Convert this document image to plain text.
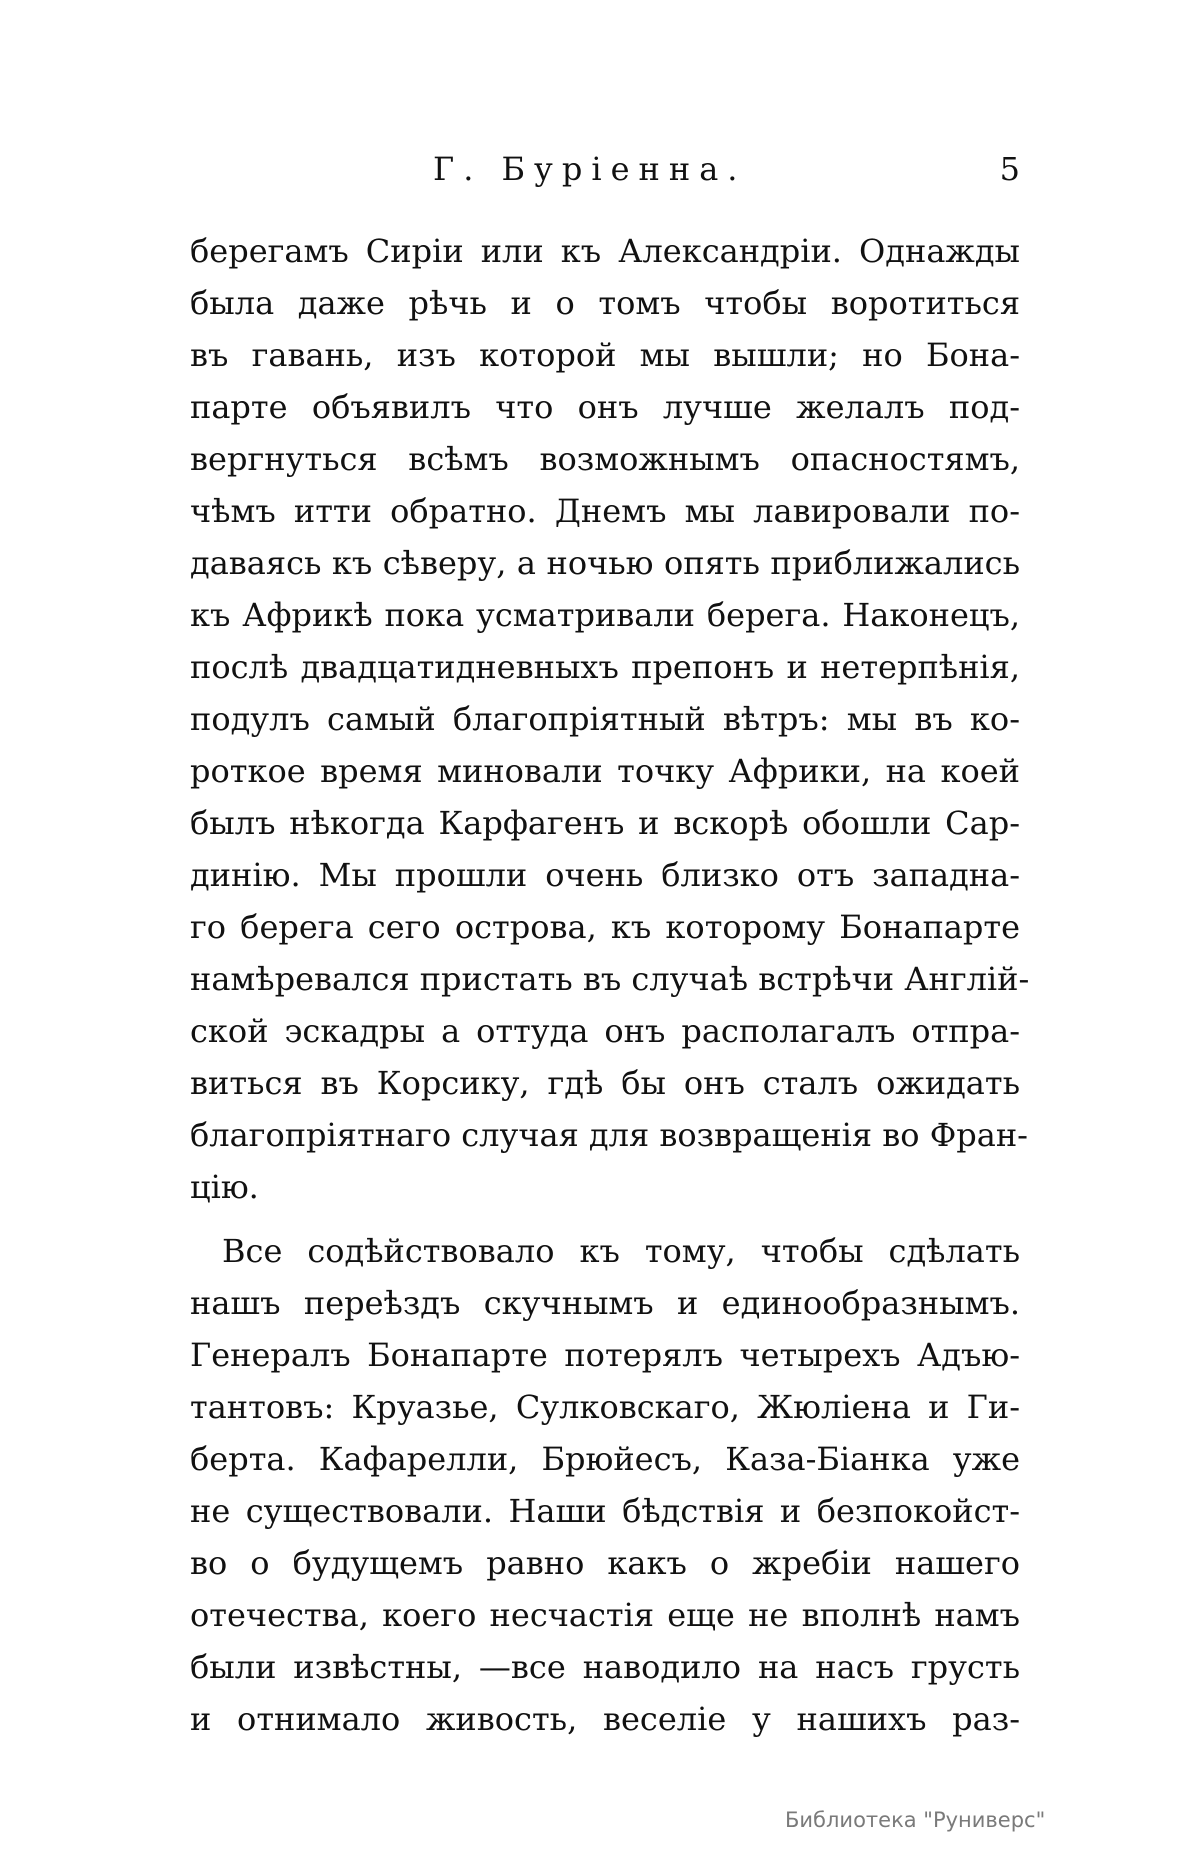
Г. Бурiенна.	5
берегамъ Сирiи или къ Александрiи. Однажды
была даже рѣчь и о томъ чтобы воротиться
въ гавань, изъ которой мы вышли; но Бона-
парте объявилъ что онъ лучше желалъ под-
вергнуться всѣмъ возможнымъ опасностямъ,
чѣмъ итти обратно. Днемъ мы лавировали по-
даваясь къ сѣверу, а ночью опять приближались
къ Африкѣ пока усматривали берега. Наконецъ,
послѣ двадцатидневныхъ препонъ и нетерпѣнiя,
подулъ самый благопрiятный вѣтръ: мы въ ко-
роткое время миновали точку Африки, на коей
былъ нѣкогда Карфагенъ и вскорѣ обошли Сар-
динiю. Мы прошли очень близко отъ западна-
го берега сего острова, къ которому Бонапарте
намѣревался пристать въ случаѣ встрѣчи Англiй-
ской эскадры а оттуда онъ располагалъ отпра-
виться въ Корсику, гдѣ бы онъ сталъ ожидать
благопрiятнаго случая для возвращенiя во Фран-
цiю.
Все содѣйствовало къ тому, чтобы сдѣлать
нашъ переѣздъ скучнымъ и единообразнымъ.
Генералъ Бонапарте потерялъ четырехъ Адъю-
тантовъ: Круазье, Сулковскаго, Жюлiена и Ги-
берта. Кафарелли, Брюйесъ, Каза-Бiанка уже
не существовали. Наши бѣдствiя и безпокойст-
во о будущемъ равно какъ о жребiи нашего
отечества, коего несчастiя еще не вполнѣ намъ
были извѣстны, —все наводило на насъ грусть
и отнимало живость, веселiе у нашихъ раз-
Библиотека "Руниверс"
